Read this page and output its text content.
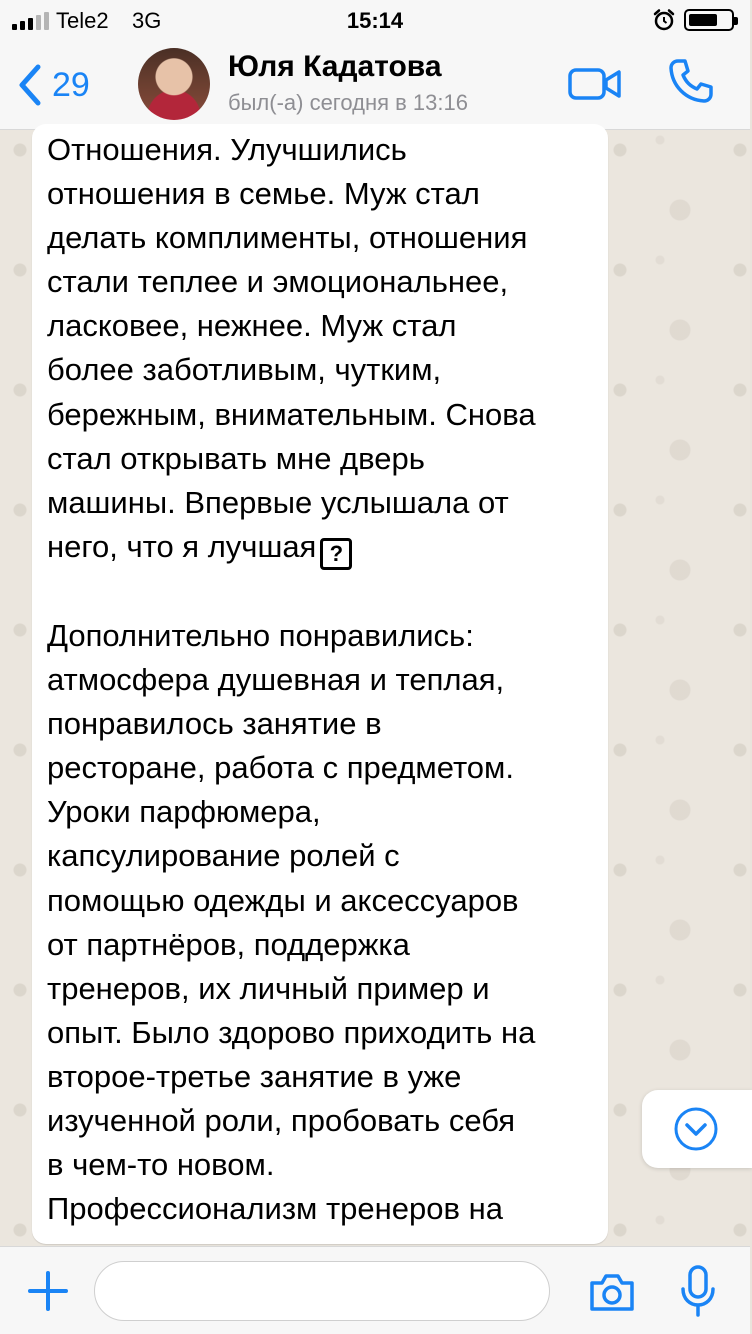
Tele2 3G	15:14
29	Юля Кадатова
был(-а) сегодня в 13:16
Отношения. Улучшились
отношения в семье. Муж стал
делать комплименты, отношения
стали теплее и эмоциональнее,
ласковее, нежнее. Муж стал
более заботливым, чутким,
бережным, внимательным. Снова
стал открывать мне дверь
машины. Впервые услышала от
него, что я лучшая ?
Дополнительно понравились:
атмосфера душевная и теплая,
понравилось занятие в
ресторане, работа с предметом.
Уроки парфюмера,
капсулирование ролей с
помощью одежды и аксессуаров
от партнёров, поддержка
тренеров, их личный пример и
опыт. Было здорово приходить на
второе-третье занятие в уже
изученной роли, пробовать себя
в чем-то новом.
Профессионализм тренеров на
